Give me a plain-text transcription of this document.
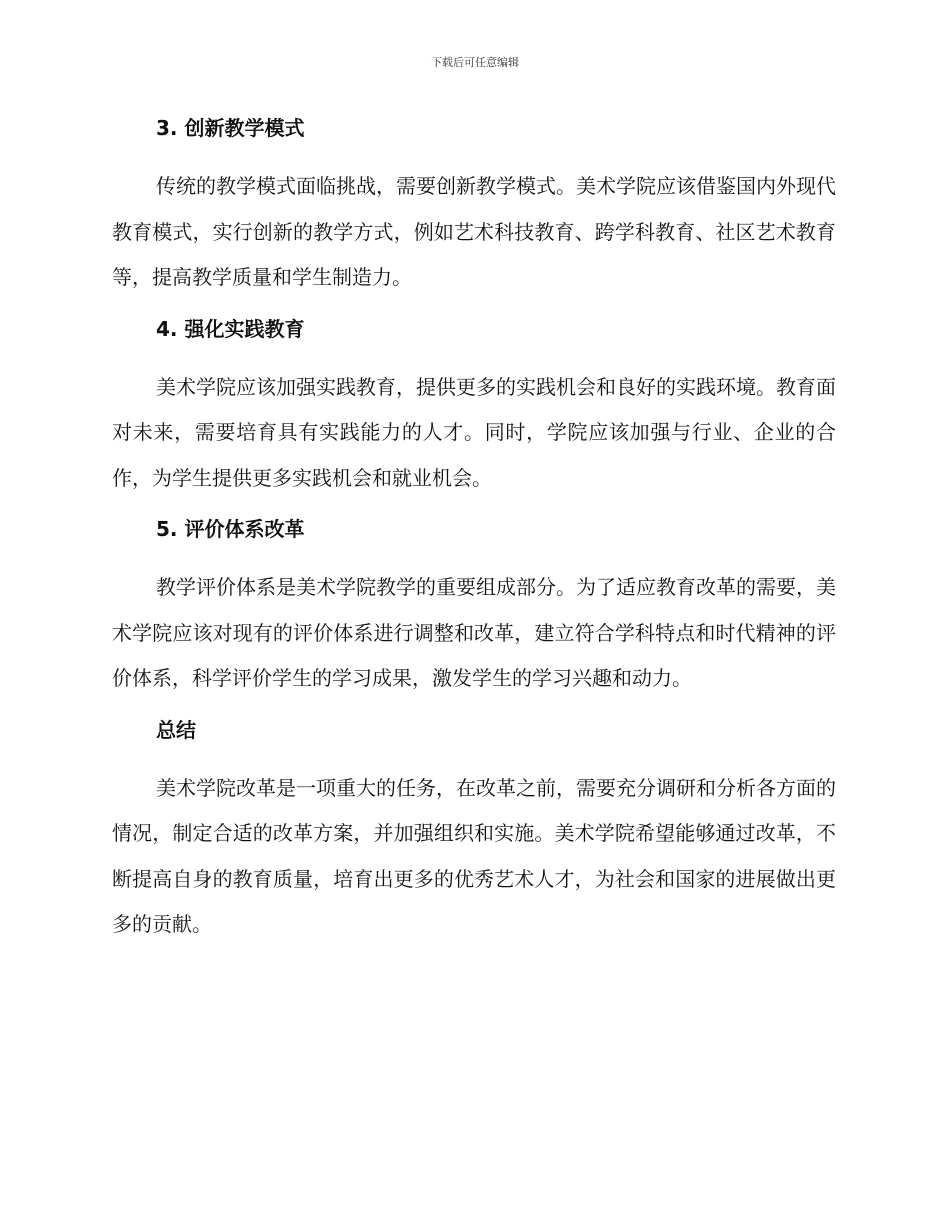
下载后可任意编辑
3. 创新教学模式

传统的教学模式面临挑战，需要创新教学模式。美术学院应该借鉴国内外现代教育模式，实行创新的教学方式，例如艺术科技教育、跨学科教育、社区艺术教育等，提高教学质量和学生制造力。

4. 强化实践教育

美术学院应该加强实践教育，提供更多的实践机会和良好的实践环境。教育面对未来，需要培育具有实践能力的人才。同时，学院应该加强与行业、企业的合作，为学生提供更多实践机会和就业机会。

5. 评价体系改革

教学评价体系是美术学院教学的重要组成部分。为了适应教育改革的需要，美术学院应该对现有的评价体系进行调整和改革，建立符合学科特点和时代精神的评价体系，科学评价学生的学习成果，激发学生的学习兴趣和动力。

总结

美术学院改革是一项重大的任务，在改革之前，需要充分调研和分析各方面的情况，制定合适的改革方案，并加强组织和实施。美术学院希望能够通过改革，不断提高自身的教育质量，培育出更多的优秀艺术人才，为社会和国家的进展做出更多的贡献。
